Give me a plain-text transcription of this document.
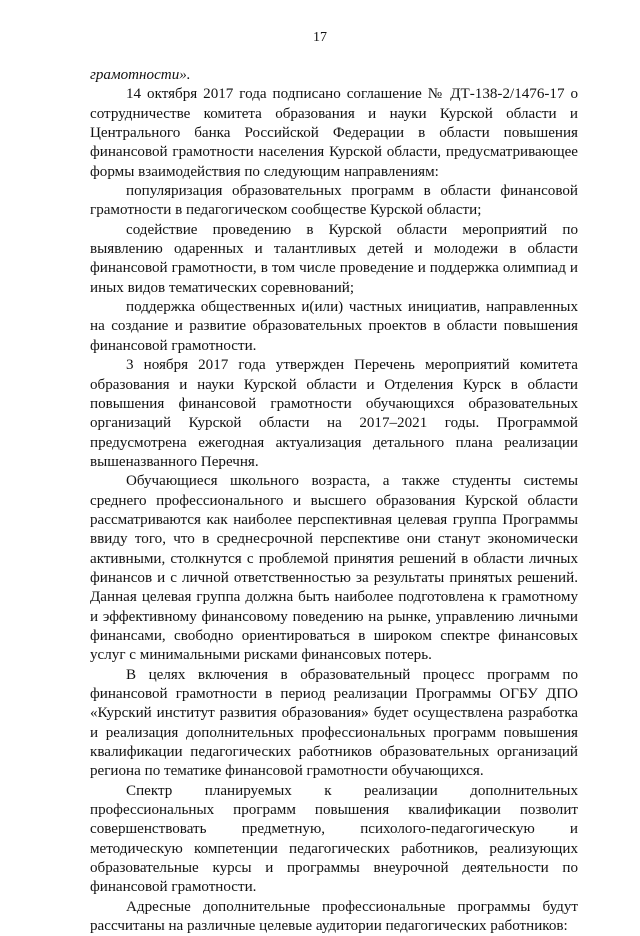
17

грамотности».

14 октября 2017 года подписано соглашение № ДТ-138-2/1476-17 о сотрудничестве комитета образования и науки Курской области и Центрального банка Российской Федерации в области повышения финансовой грамотности населения Курской области, предусматривающее формы взаимодействия по следующим направлениям:

популяризация образовательных программ в области финансовой грамотности в педагогическом сообществе Курской области;

содействие проведению в Курской области мероприятий по выявлению одаренных и талантливых детей и молодежи в области финансовой грамотности, в том числе проведение и поддержка олимпиад и иных видов тематических соревнований;

поддержка общественных и(или) частных инициатив, направленных на создание и развитие образовательных проектов в области повышения финансовой грамотности.

3 ноября 2017 года утвержден Перечень мероприятий комитета образования и науки Курской области и Отделения Курск в области повышения финансовой грамотности обучающихся образовательных организаций Курской области на 2017–2021 годы. Программой предусмотрена ежегодная актуализация детального плана реализации вышеназванного Перечня.

Обучающиеся школьного возраста, а также студенты системы среднего профессионального и высшего образования Курской области рассматриваются как наиболее перспективная целевая группа Программы ввиду того, что в среднесрочной перспективе они станут экономически активными, столкнутся с проблемой принятия решений в области личных финансов и с личной ответственностью за результаты принятых решений. Данная целевая группа должна быть наиболее подготовлена к грамотному и эффективному финансовому поведению на рынке, управлению личными финансами, свободно ориентироваться в широком спектре финансовых услуг с минимальными рисками финансовых потерь.

В целях включения в образовательный процесс программ по финансовой грамотности в период реализации Программы ОГБУ ДПО «Курский институт развития образования» будет осуществлена разработка и реализация дополнительных профессиональных программ повышения квалификации педагогических работников образовательных организаций региона по тематике финансовой грамотности обучающихся.

Спектр планируемых к реализации дополнительных профессиональных программ повышения квалификации позволит совершенствовать предметную, психолого-педагогическую и методическую компетенции педагогических работников, реализующих образовательные курсы и программы внеурочной деятельности по финансовой грамотности.

Адресные дополнительные профессиональные программы будут рассчитаны на различные целевые аудитории педагогических работников:
